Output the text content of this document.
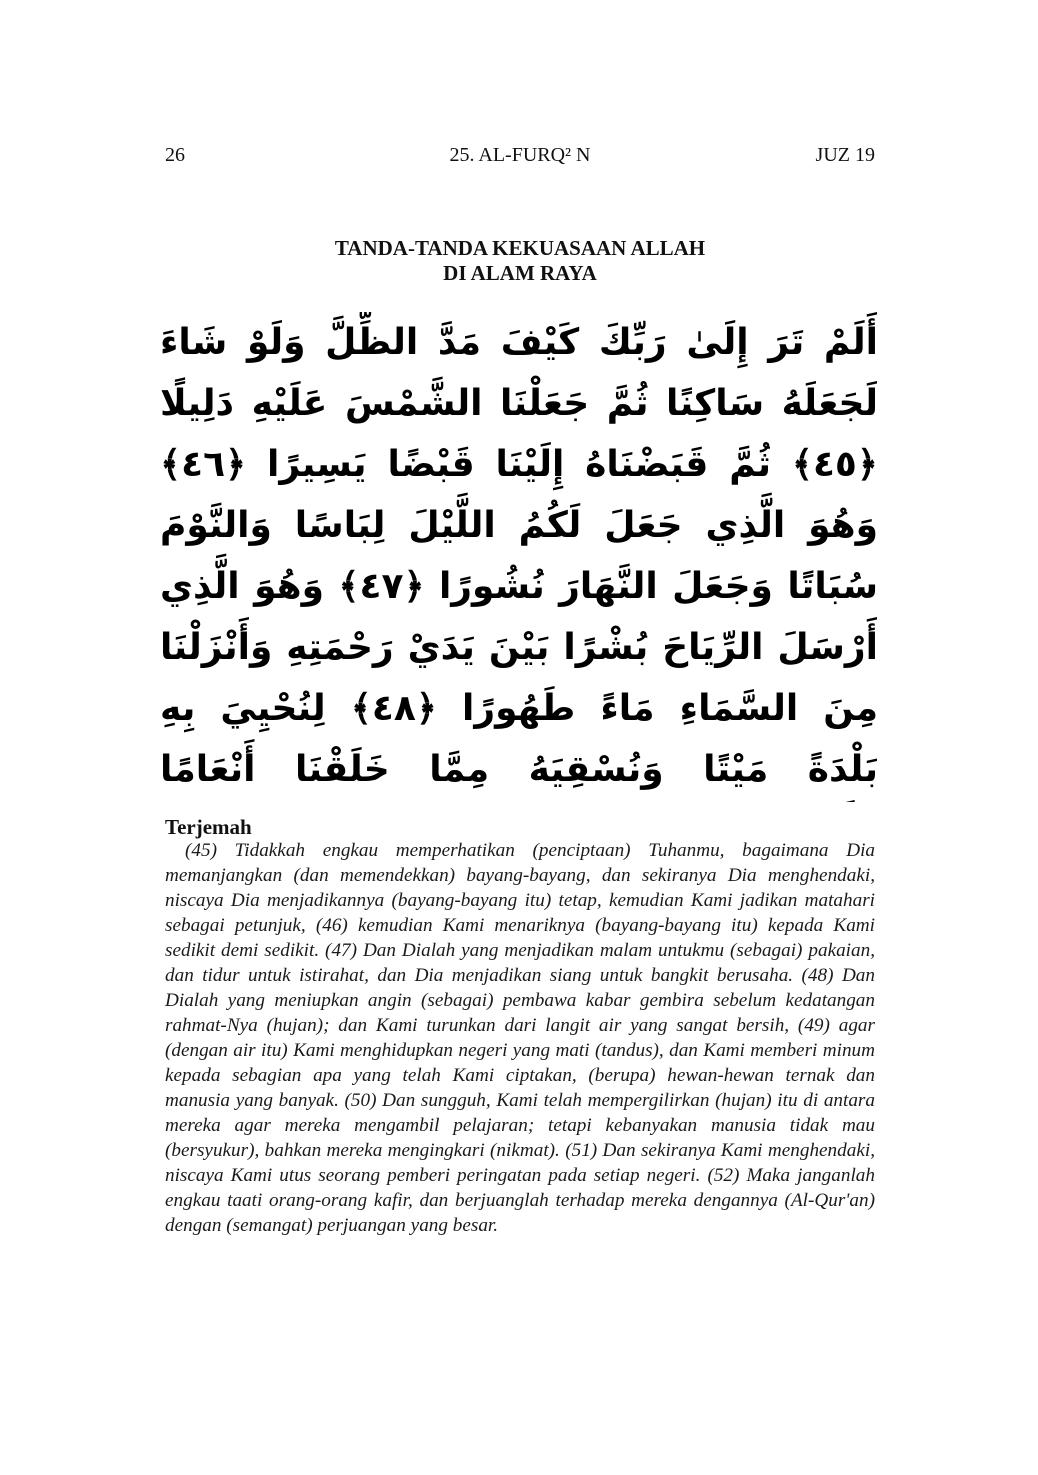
26	25. AL-FURQ² N	JUZ 19
TANDA-TANDA KEKUASAAN ALLAH
DI ALAM RAYA
أَلَمْ تَرَ إِلَىٰ رَبِّكَ كَيْفَ مَدَّ الظِّلَّ وَلَوْ شَاءَ لَجَعَلَهُ سَاكِنًا ثُمَّ جَعَلْنَا الشَّمْسَ عَلَيْهِ دَلِيلًا ﴿٤٥﴾ ثُمَّ قَبَضْنَاهُ إِلَيْنَا قَبْضًا يَسِيرًا ﴿٤٦﴾ وَهُوَ الَّذِي جَعَلَ لَكُمُ اللَّيْلَ لِبَاسًا وَالنَّوْمَ سُبَاتًا وَجَعَلَ النَّهَارَ نُشُورًا ﴿٤٧﴾ وَهُوَ الَّذِي أَرْسَلَ الرِّيَاحَ بُشْرًا بَيْنَ يَدَيْ رَحْمَتِهِ وَأَنْزَلْنَا مِنَ السَّمَاءِ مَاءً طَهُورًا ﴿٤٨﴾ لِنُحْيِيَ بِهِ بَلْدَةً مَيْتًا وَنُسْقِيَهُ مِمَّا خَلَقْنَا أَنْعَامًا
Terjemah
(45) Tidakkah engkau memperhatikan (penciptaan) Tuhanmu, bagaimana Dia memanjangkan (dan memendekkan) bayang-bayang, dan sekiranya Dia menghendaki, niscaya Dia menjadikannya (bayang-bayang itu) tetap, kemudian Kami jadikan matahari sebagai petunjuk, (46) kemudian Kami menariknya (bayang-bayang itu) kepada Kami sedikit demi sedikit. (47) Dan Dialah yang menjadikan malam untukmu (sebagai) pakaian, dan tidur untuk istirahat, dan Dia menjadikan siang untuk bangkit berusaha. (48) Dan Dialah yang meniupkan angin (sebagai) pembawa kabar gembira sebelum kedatangan rahmat-Nya (hujan); dan Kami turunkan dari langit air yang sangat bersih, (49) agar (dengan air itu) Kami menghidupkan negeri yang mati (tandus), dan Kami memberi minum kepada sebagian apa yang telah Kami ciptakan, (berupa) hewan-hewan ternak dan manusia yang banyak. (50) Dan sungguh, Kami telah mempergilirkan (hujan) itu di antara mereka agar mereka mengambil pelajaran; tetapi kebanyakan manusia tidak mau (bersyukur), bahkan mereka mengingkari (nikmat). (51) Dan sekiranya Kami menghendaki, niscaya Kami utus seorang pemberi peringatan pada setiap negeri. (52) Maka janganlah engkau taati orang-orang kafir, dan berjuanglah terhadap mereka dengannya (Al-Qur'an) dengan (semangat) perjuangan yang besar.
